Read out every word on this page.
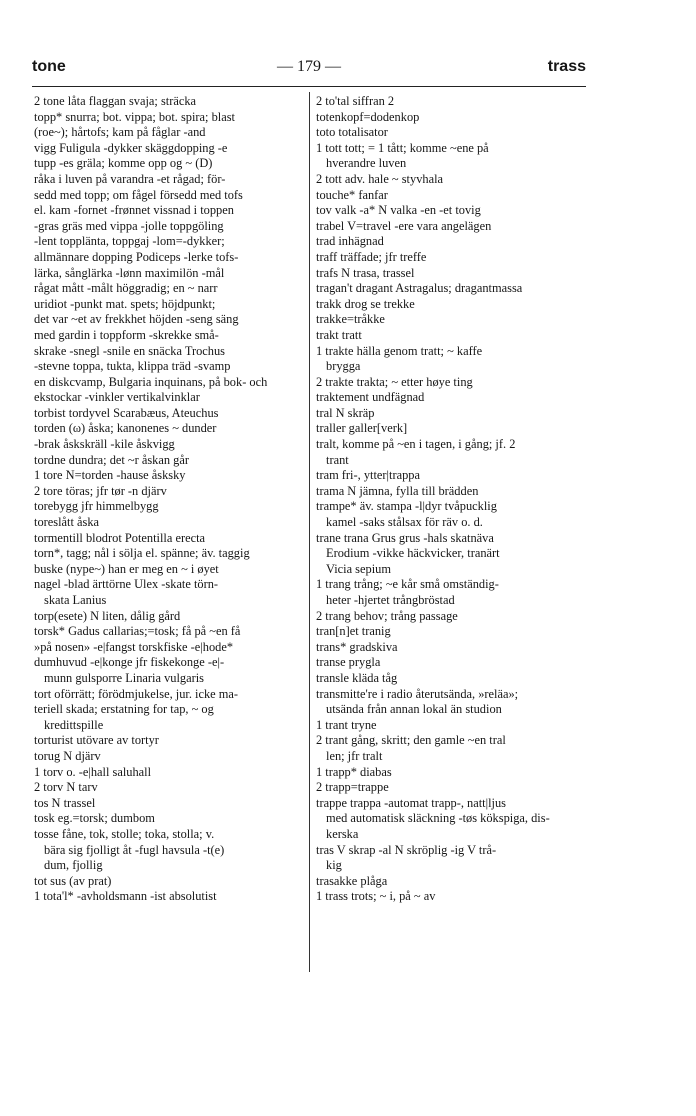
tone	— 179 —	trass
2 tone låta flaggan svaja; sträcka
topp* snurra; bot. vippa; bot. spira; blast
(roe~); hårtofs; kam på fåglar -and
vigg Fuligula -dykker skäggdopping -e
tupp -es gräla; komme opp og ~ (D)
råka i luven på varandra -et rågad; för-
sedd med topp; om fågel försedd med tofs
el. kam -fornet -frønnet vissnad i toppen
-gras gräs med vippa -jolle toppgöling
-lent toppläntа, toppgaj -lom=-dykker;
allmännare dopping Podiceps -lerke tofs-
lärka, sånglärka -lønn maximilön -mål
rågat mått -målt höggradig; en ~ narr
uridiot -punkt mat. spets; höjdpunkt;
det var ~et av frekkhet höjden -seng säng
med gardin i toppform -skrekke små-
skrake -snegl -snile en snäcka Trochus
-stevne toppa, tukta, klippa träd -svamp
en diskсvamp, Bulgaria inquinans, på bok- och
ekstockar -vinkler vertikalvinklar
torbist tordyvel Scarabæus, Ateuchus
torden (ω) åska; kanonenes ~ dunder
-brak åskskräll -kile åskvigg
tordne dundra; det ~r åskan går
1 tore N=torden -hause åsksky
2 tore töras; jfr tør -n djärv
torebygg jfr himmelbygg
toreslått åska
tormentill blodrot Potentilla erecta
torn*, tagg; nål i sölja el. spänne; äv. taggig
buske (nype~) han er meg en ~ i øyet
nagel -blad ärttörne Ulex -skate törn-
skata Lanius
torp(esete) N liten, dålig gård
torsk* Gadus callarias;=tosk; få på ~en få
»på nosen» -e|fangst torskfiske -e|hode*
dumhuvud -e|konge jfr fiskekonge -e|-
munn gulsporre Linaria vulgaris
tort oförrätt; förödmjukelse, jur. icke ma-
teriell skada; erstatning for tap, ~ og
kredittspille
torturist utövare av tortyr
torug N djärv
1 torv o. -e|hall saluhall
2 torv N tarv
tos N trassel
tosk eg.=torsk; dumbom
tosse fåne, tok, stolle; toka, stolla; v.
bära sig fjolligt åt -fugl havsula -t(e)
dum, fjollig
tot sus (av prat)
1 tota'l* -avholdsmann -ist absolutist
2 to'tal siffran 2
totenkopf=dodenkop
toto totalisator
1 tott tott; = 1 tått; komme ~ene på
hverandre luven
2 tott adv. hale ~ styvhala
touche* fanfar
tov valk -a* N valka -en -et tovig
trabel V=travel -ere vara angelägen
trad inhägnad
traff träffade; jfr treffe
trafs N trasa, trassel
tragan't dragant Astragalus; dragantmassa
trakk drog se trekke
trakke=tråkke
trakt tratt
1 trakte hälla genom tratt; ~ kaffe
brygga
2 trakte trakta; ~ etter høye ting
traktement undfägnad
tral N skräp
traller galler[verk]
tralt, komme på ~en i tagen, i gång; jf. 2
trant
tram fri-, ytter|trappa
trama N jämna, fylla till brädden
trampe* äv. stampa -l|dyr tvåpucklig
kamel -saks stålsax för räv o. d.
trane trana Grus grus -hals skatnäva
Erodium -vikke häckvicker, tranärt
Vicia sepium
1 trang trång; ~e kår små omständig-
heter -hjertet trångbröstad
2 trang behov; trång passage
tran[n]et tranig
trans* gradskiva
transe prygla
transle kläda tåg
transmitte're i radio återutsända, »reläa»;
utsända från annan lokal än studion
1 trant tryne
2 trant gång, skritt; den gamle ~en tral
len; jfr tralt
1 trapp* diabas
2 trapp=trappe
trappe trappa -automat trapp-, natt|ljus
med automatisk släckning -tøs köksрiga, dis-
kerska
tras V skrap -al N skröplig -ig V trå-
kig
trasakke plåga
1 trass trots; ~ i, på ~ av
